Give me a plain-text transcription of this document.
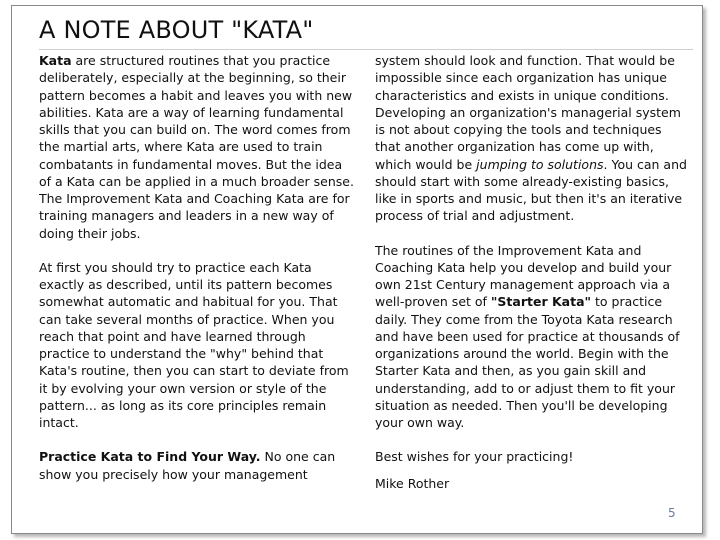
A NOTE ABOUT "KATA"

Kata are structured routines that you practice deliberately, especially at the beginning, so their pattern becomes a habit and leaves you with new abilities. Kata are a way of learning fundamental skills that you can build on. The word comes from the martial arts, where Kata are used to train combatants in fundamental moves. But the idea of a Kata can be applied in a much broader sense. The Improvement Kata and Coaching Kata are for training managers and leaders in a new way of doing their jobs.

At first you should try to practice each Kata exactly as described, until its pattern becomes somewhat automatic and habitual for you. That can take several months of practice. When you reach that point and have learned through practice to understand the "why" behind that Kata's routine, then you can start to deviate from it by evolving your own version or style of the pattern... as long as its core principles remain intact.

Practice Kata to Find Your Way. No one can show you precisely how your management

system should look and function. That would be impossible since each organization has unique characteristics and exists in unique conditions. Developing an organization's managerial system is not about copying the tools and techniques that another organization has come up with, which would be jumping to solutions. You can and should start with some already-existing basics, like in sports and music, but then it's an iterative process of trial and adjustment.

The routines of the Improvement Kata and Coaching Kata help you develop and build your own 21st Century management approach via a well-proven set of "Starter Kata" to practice daily. They come from the Toyota Kata research and have been used for practice at thousands of organizations around the world. Begin with the Starter Kata and then, as you gain skill and understanding, add to or adjust them to fit your situation as needed. Then you'll be developing your own way.

Best wishes for your practicing!

Mike Rother

5
